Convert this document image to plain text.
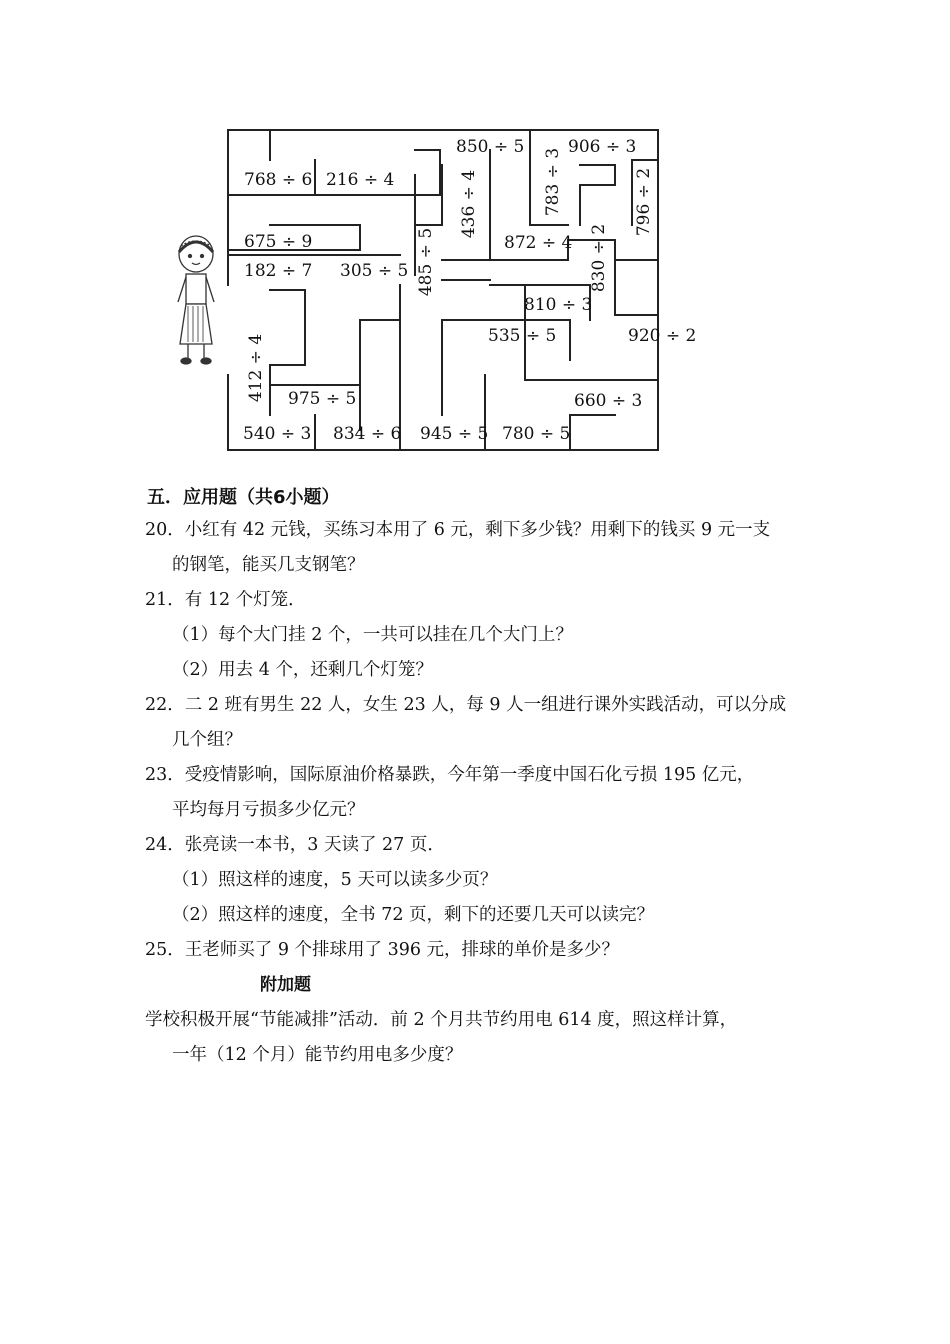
768 ÷ 6 216 ÷ 4
675 ÷ 9
182 ÷ 7 305 ÷ 5 485 ÷ 5
436 ÷ 4
850 ÷ 5
872 ÷ 4
783 ÷ 3
906 ÷ 3
796 ÷ 2
830 ÷ 2
810 ÷ 3
535 ÷ 5	920 ÷ 2
412 ÷ 4 975 ÷ 5	660 ÷ 3
540 ÷ 3 834 ÷ 6 945 ÷ 5 780 ÷ 5
五．应用题（共6小题）
20．小红有 42 元钱，买练习本用了 6 元，剩下多少钱？用剩下的钱买 9 元一支
的钢笔，能买几支钢笔？
21．有 12 个灯笼．
（1）每个大门挂 2 个，一共可以挂在几个大门上？
（2）用去 4 个，还剩几个灯笼？
22．二 2 班有男生 22 人，女生 23 人，每 9 人一组进行课外实践活动，可以分成
几个组？
23．受疫情影响，国际原油价格暴跌，今年第一季度中国石化亏损 195 亿元，
平均每月亏损多少亿元？
24．张亮读一本书，3 天读了 27 页．
（1）照这样的速度，5 天可以读多少页？
（2）照这样的速度，全书 72 页，剩下的还要几天可以读完？
25．王老师买了 9 个排球用了 396 元，排球的单价是多少？
附加题
学校积极开展“节能减排”活动．前 2 个月共节约用电 614 度，照这样计算，
一年（12 个月）能节约用电多少度？
